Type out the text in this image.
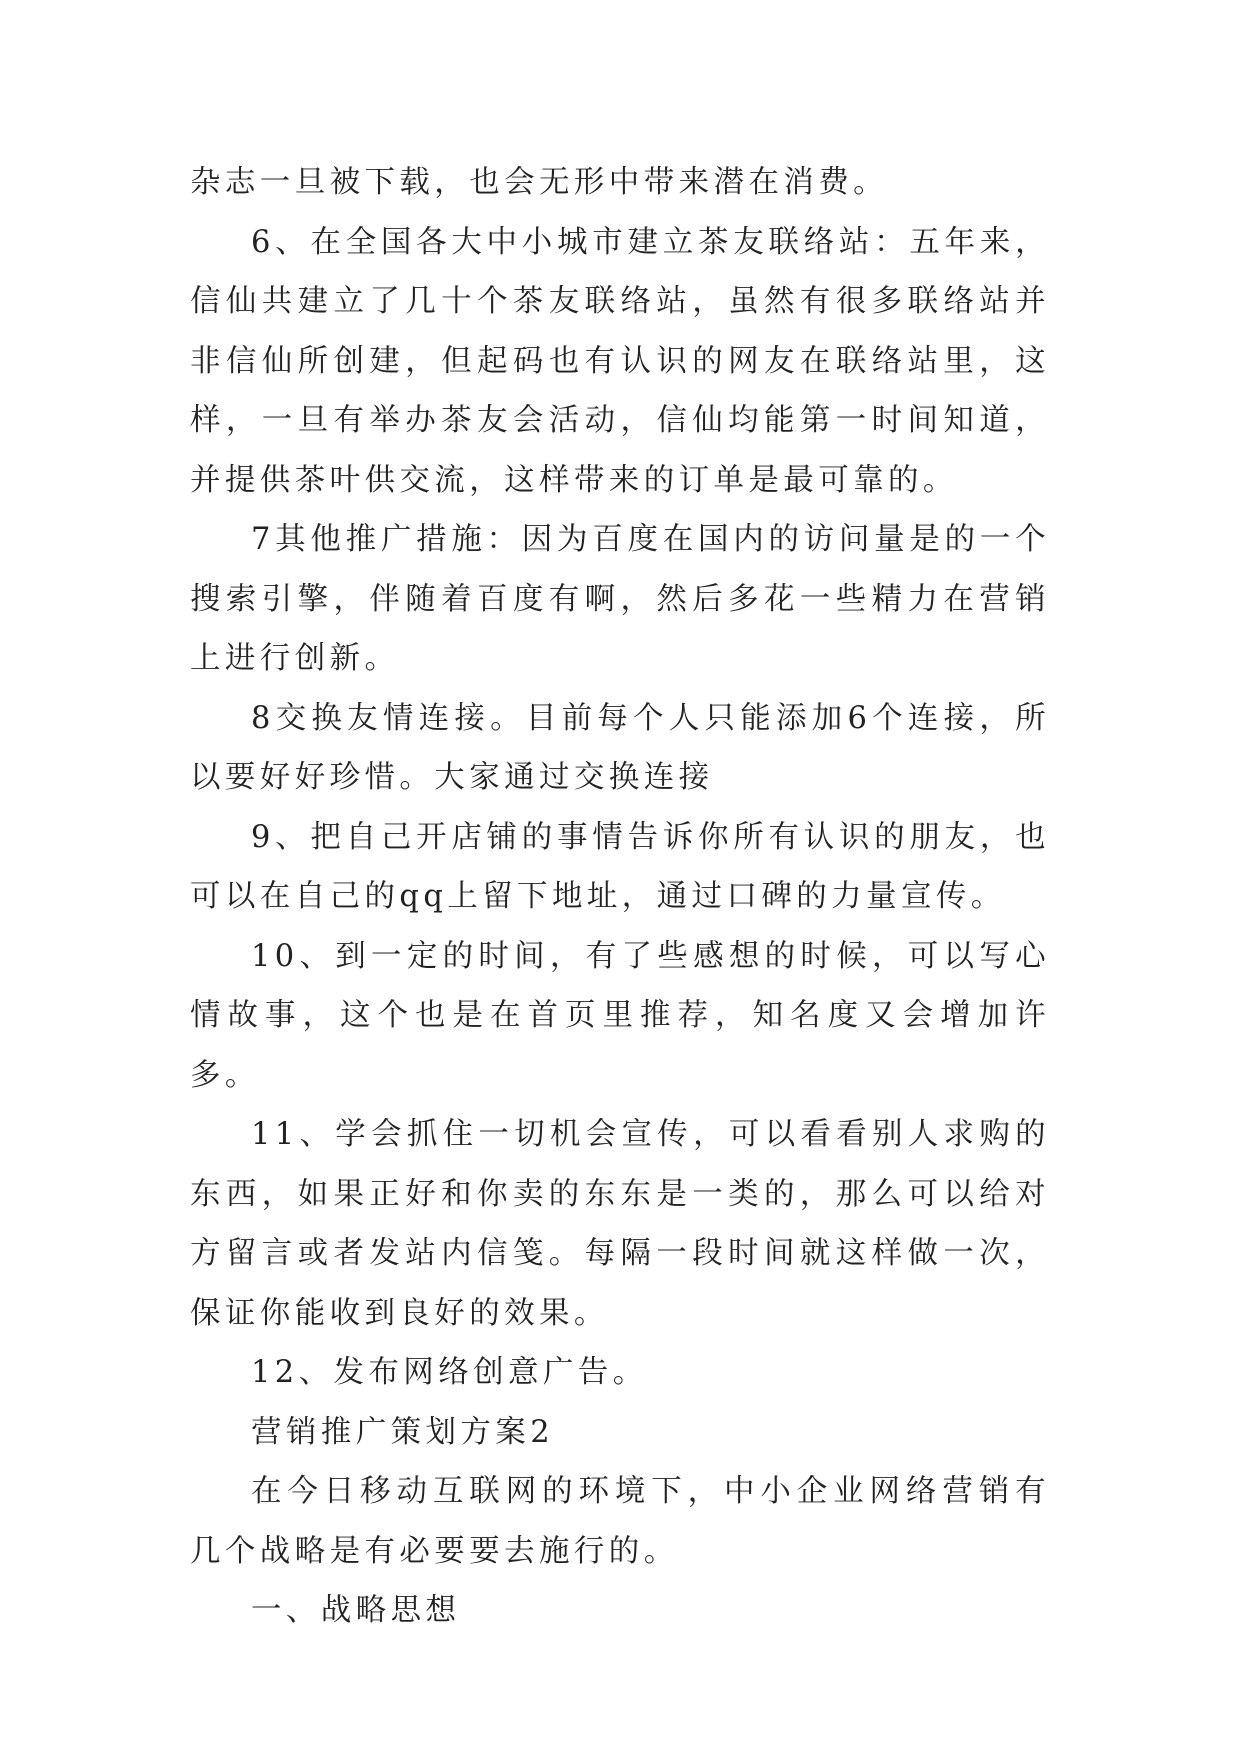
杂志一旦被下载，也会无形中带来潜在消费。

6、在全国各大中小城市建立茶友联络站：五年来，信仙共建立了几十个茶友联络站，虽然有很多联络站并非信仙所创建，但起码也有认识的网友在联络站里，这样，一旦有举办茶友会活动，信仙均能第一时间知道，并提供茶叶供交流，这样带来的订单是最可靠的。

7其他推广措施：因为百度在国内的访问量是的一个搜索引擎，伴随着百度有啊，然后多花一些精力在营销上进行创新。

8交换友情连接。目前每个人只能添加6个连接，所以要好好珍惜。大家通过交换连接

9、把自己开店铺的事情告诉你所有认识的朋友，也可以在自己的qq上留下地址，通过口碑的力量宣传。

10、到一定的时间，有了些感想的时候，可以写心情故事，这个也是在首页里推荐，知名度又会增加许多。

11、学会抓住一切机会宣传，可以看看别人求购的东西，如果正好和你卖的东东是一类的，那么可以给对方留言或者发站内信笺。每隔一段时间就这样做一次，保证你能收到良好的效果。

12、发布网络创意广告。

营销推广策划方案2

在今日移动互联网的环境下，中小企业网络营销有几个战略是有必要要去施行的。

一、战略思想
